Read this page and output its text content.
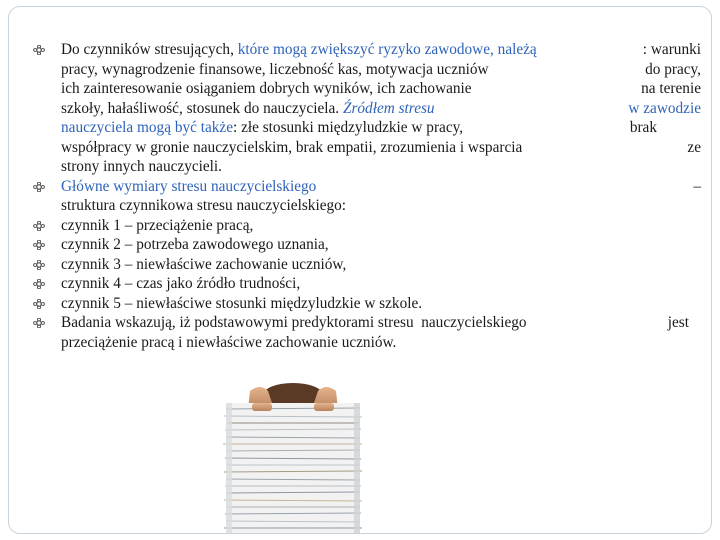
Do czynników stresujących, które mogą zwiększyć ryzyko zawodowe, należą	: warunki
pracy, wynagrodzenie finansowe, liczebność kas, motywacja uczniów	do pracy,
ich zainteresowanie osiąganiem dobrych wyników, ich zachowanie	na terenie
szkoły, hałaśliwość, stosunek do nauczyciela. Źródłem stresu	w zawodzie
nauczyciela mogą być także: złe stosunki międzyludzkie w pracy,	brak
współpracy w gronie nauczycielskim, brak empatii, zrozumienia i wsparcia	ze
strony innych nauczycieli.
Główne wymiary stresu nauczycielskiego	–
struktura czynnikowa stresu nauczycielskiego:
czynnik 1 – przeciążenie pracą,
czynnik 2 – potrzeba zawodowego uznania,
czynnik 3 – niewłaściwe zachowanie uczniów,
czynnik 4 – czas jako źródło trudności,
czynnik 5 – niewłaściwe stosunki międzyludzkie w szkole.
Badania wskazują, iż podstawowymi predyktorami stresu  nauczycielskiego	jest
przeciążenie pracą i niewłaściwe zachowanie uczniów.
